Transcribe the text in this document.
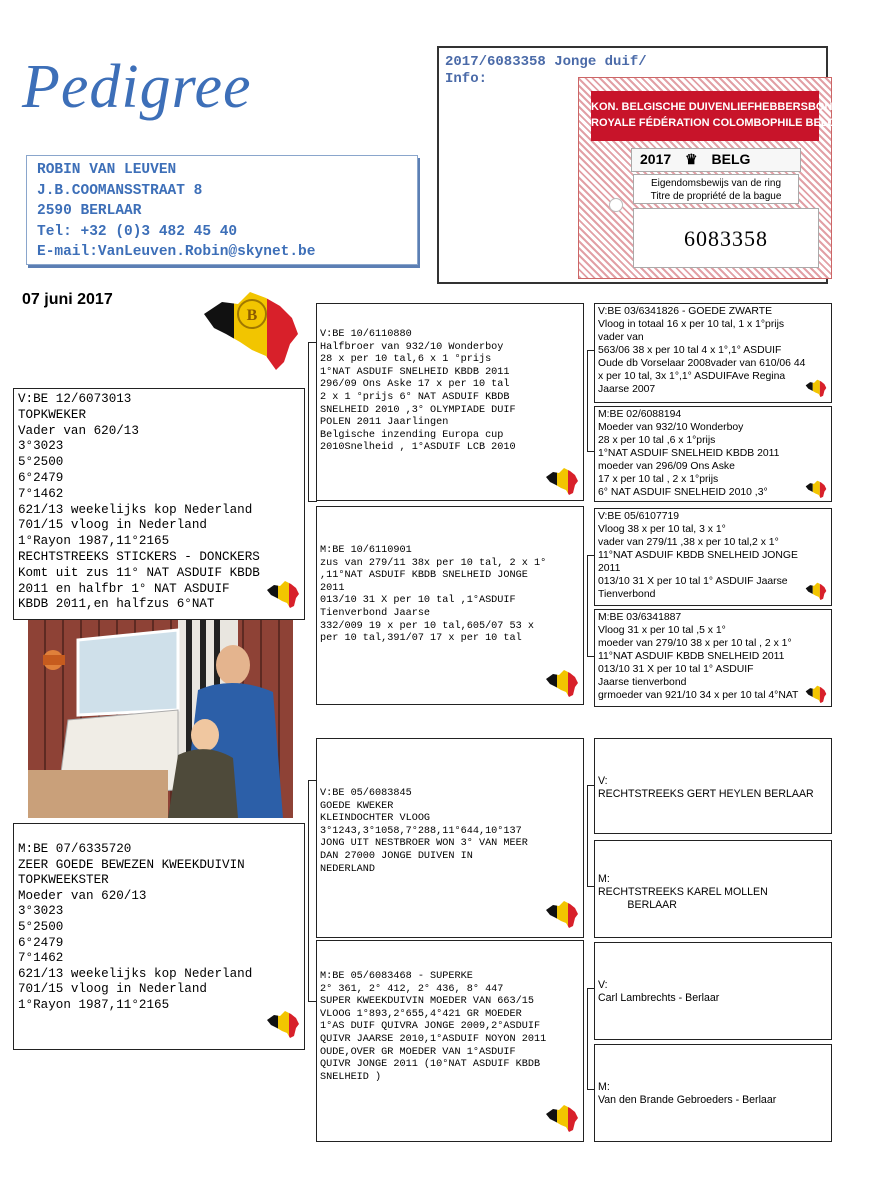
Pedigree
ROBIN VAN LEUVEN
J.B.COOMANSSTRAAT 8
2590 BERLAAR
Tel: +32 (0)3 482 45 40
E-mail:VanLeuven.Robin@skynet.be
07 juni 2017
B
2017/6083358 Jonge duif/
Info:
KON. BELGISCHE DUIVENLIEFHEBBERSBOND
ROYALE FÉDÉRATION COLOMBOPHILE BELGE
2017 ♛ BELG
Eigendomsbewijs van de ring
Titre de propriété de la bague
6083358
V:BE 12/6073013
TOPKWEKER
Vader van 620/13
3°3023
5°2500
6°2479
7°1462
621/13 weekelijks kop Nederland
701/15 vloog in Nederland
1°Rayon 1987,11°2165
RECHTSTREEKS STICKERS - DONCKERS
Komt uit zus 11° NAT ASDUIF KBDB
2011 en halfbr 1° NAT ASDUIF
KBDB 2011,en halfzus 6°NAT
M:BE 07/6335720
ZEER GOEDE BEWEZEN KWEEKDUIVIN
TOPKWEEKSTER
Moeder van 620/13
3°3023
5°2500
6°2479
7°1462
621/13 weekelijks kop Nederland
701/15 vloog in Nederland
1°Rayon 1987,11°2165
V:BE 10/6110880
Halfbroer van 932/10 Wonderboy
28 x per 10 tal,6 x 1 °prijs
1°NAT ASDUIF SNELHEID KBDB 2011
296/09 Ons Aske 17 x per 10 tal
2 x 1 °prijs 6° NAT ASDUIF KBDB
SNELHEID 2010 ,3° OLYMPIADE DUIF
POLEN 2011 Jaarlingen
Belgische inzending Europa cup
2010Snelheid , 1°ASDUIF LCB 2010
M:BE 10/6110901
zus van 279/11 38x per 10 tal, 2 x 1°
,11°NAT ASDUIF KBDB SNELHEID JONGE
2011
013/10 31 X per 10 tal ,1°ASDUIF
Tienverbond Jaarse
332/009 19 x per 10 tal,605/07 53 x
per 10 tal,391/07 17 x per 10 tal
V:BE 05/6083845
GOEDE KWEKER
KLEINDOCHTER VLOOG
3°1243,3°1058,7°288,11°644,10°137
JONG UIT NESTBROER WON 3° VAN MEER
DAN 27000 JONGE DUIVEN IN
NEDERLAND
M:BE 05/6083468 - SUPERKE
2° 361, 2° 412, 2° 436, 8° 447
SUPER KWEEKDUIVIN MOEDER VAN 663/15
VLOOG 1°893,2°655,4°421 GR MOEDER
1°AS DUIF QUIVRA JONGE 2009,2°ASDUIF
QUIVR JAARSE 2010,1°ASDUIF NOYON 2011
OUDE,OVER GR MOEDER VAN 1°ASDUIF
QUIVR JONGE 2011 (10°NAT ASDUIF KBDB
SNELHEID )
V:BE 03/6341826 - GOEDE ZWARTE
Vloog in totaal 16 x per 10 tal, 1 x 1°prijs
vader van
563/06 38 x per 10 tal 4 x 1°,1° ASDUIF
Oude db Vorselaar 2008vader van 610/06 44
x per 10 tal, 3x 1°,1° ASDUIFAve Regina
Jaarse 2007
M:BE 02/6088194
Moeder van 932/10 Wonderboy
28 x per 10 tal ,6 x 1°prijs
1°NAT ASDUIF SNELHEID KBDB 2011
moeder van 296/09 Ons Aske
17 x per 10 tal , 2 x 1°prijs
6° NAT ASDUIF SNELHEID 2010 ,3°
V:BE 05/6107719
Vloog 38 x per 10 tal, 3 x 1°
vader van 279/11 ,38 x per 10 tal,2 x 1°
11°NAT ASDUIF KBDB SNELHEID JONGE
2011
013/10 31 X per 10 tal 1° ASDUIF Jaarse
Tienverbond
M:BE 03/6341887
Vloog 31 x per 10 tal ,5 x 1°
moeder van 279/10 38 x per 10 tal , 2 x 1°
11°NAT ASDUIF KBDB SNELHEID 2011
013/10 31 X per 10 tal 1° ASDUIF
Jaarse tienverbond
grmoeder van 921/10 34 x per 10 tal 4°NAT
V:
RECHTSTREEKS GERT HEYLEN BERLAAR
M:
RECHTSTREEKS KAREL MOLLEN
BERLAAR
V:
Carl Lambrechts - Berlaar
M:
Van den Brande Gebroeders - Berlaar
